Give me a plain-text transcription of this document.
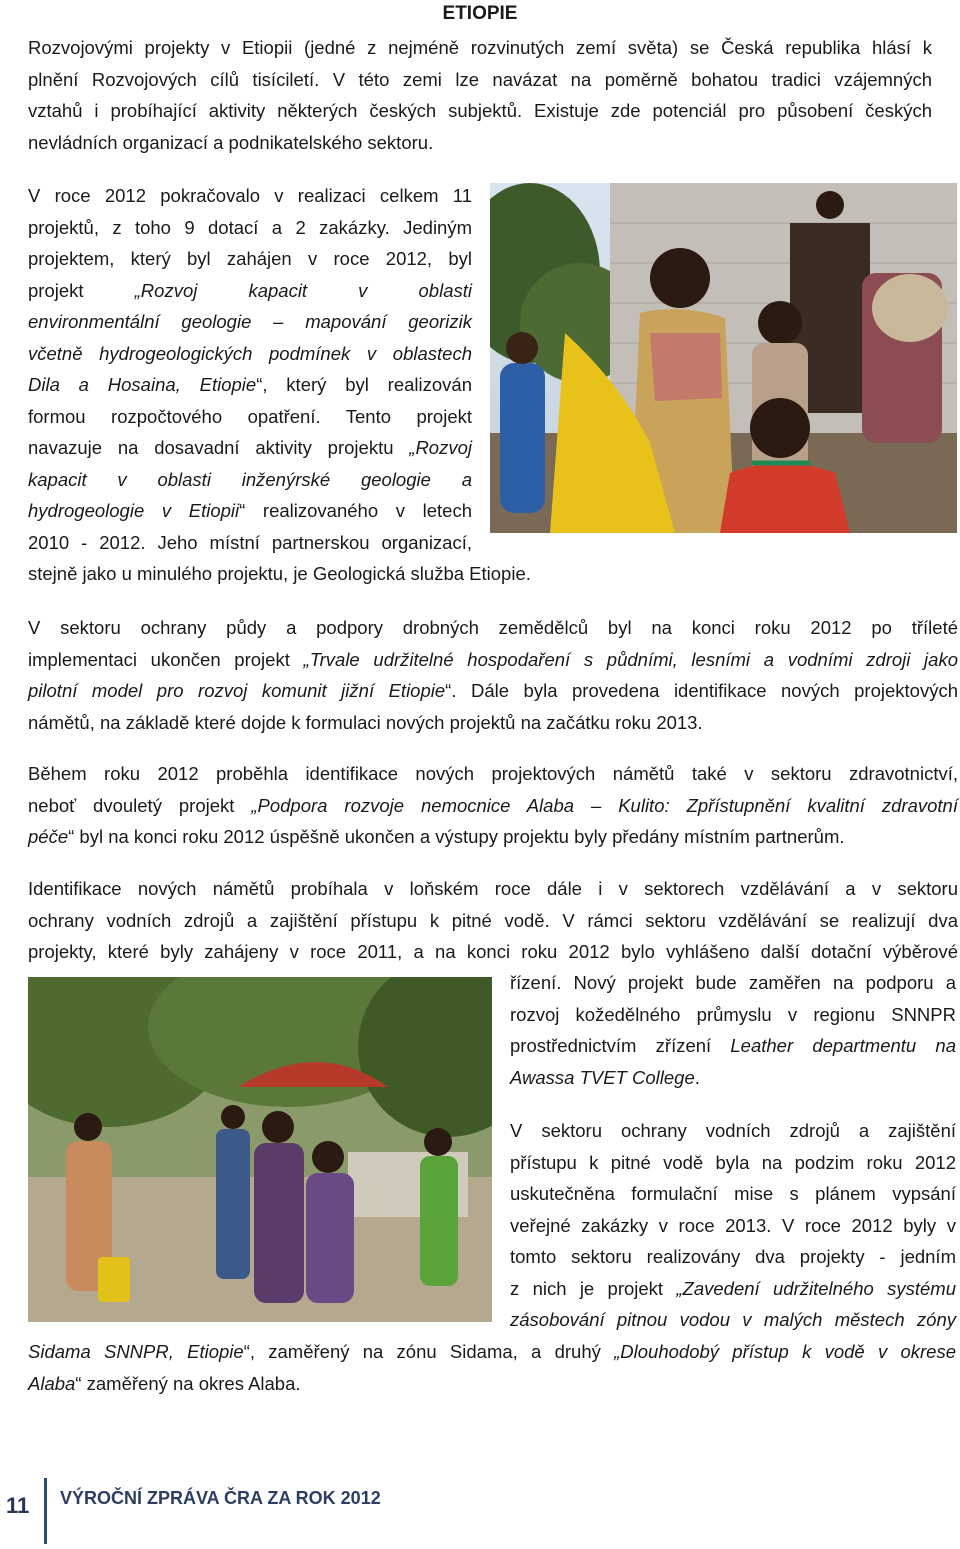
ETIOPIE
Rozvojovými projekty v Etiopii (jedné z nejméně rozvinutých zemí světa) se Česká republika hlásí k
plnění Rozvojových cílů tisíciletí. V této zemi lze navázat na poměrně bohatou tradici vzájemných
vztahů i probíhající aktivity některých českých subjektů. Existuje zde potenciál pro působení českých
nevládních organizací a podnikatelského sektoru.
V roce 2012 pokračovalo v realizaci celkem 11
projektů, z toho 9 dotací a 2 zakázky. Jediným
projektem, který byl zahájen v roce 2012, byl
projekt „Rozvoj kapacit v oblasti
environmentální geologie – mapování georizik
včetně hydrogeologických podmínek v oblastech
Dila a Hosaina, Etiopie“, který byl realizován
formou rozpočtového opatření. Tento projekt
navazuje na dosavadní aktivity projektu „Rozvoj
kapacit v oblasti inženýrské geologie a
hydrogeologie v Etiopii“ realizovaného v letech
2010 - 2012. Jeho místní partnerskou organizací,
stejně jako u minulého projektu, je Geologická služba Etiopie.
V sektoru ochrany půdy a podpory drobných zemědělců byl na konci roku 2012 po tříleté
implementaci ukončen projekt „Trvale udržitelné hospodaření s půdními, lesními a vodními zdroji jako
pilotní model pro rozvoj komunit jižní Etiopie“. Dále byla provedena identifikace nových projektových
námětů, na základě které dojde k formulaci nových projektů na začátku roku 2013.
Během roku 2012 proběhla identifikace nových projektových námětů také v sektoru zdravotnictví,
neboť dvouletý projekt „Podpora rozvoje nemocnice Alaba – Kulito: Zpřístupnění kvalitní zdravotní
péče“ byl na konci roku 2012 úspěšně ukončen a výstupy projektu byly předány místním partnerům.
Identifikace nových námětů probíhala v loňském roce dále i v sektorech vzdělávání a v sektoru
ochrany vodních zdrojů a zajištění přístupu k pitné vodě. V rámci sektoru vzdělávání se realizují dva
projekty, které byly zahájeny v roce 2011, a na konci roku 2012 bylo vyhlášeno další dotační výběrové
řízení. Nový projekt bude zaměřen na podporu a
rozvoj kožedělného průmyslu v regionu SNNPR
prostřednictvím zřízení Leather departmentu na
Awassa TVET College.
V sektoru ochrany vodních zdrojů a zajištění
přístupu k pitné vodě byla na podzim roku 2012
uskutečněna formulační mise s plánem vypsání
veřejné zakázky v roce 2013. V roce 2012 byly v
tomto sektoru realizovány dva projekty - jedním
z nich je projekt „Zavedení udržitelného systému
zásobování pitnou vodou v malých městech zóny
Sidama SNNPR, Etiopie“, zaměřený na zónu Sidama, a druhý „Dlouhodobý přístup k vodě v okrese
Alaba“ zaměřený na okres Alaba.
11 VÝROČNÍ ZPRÁVA ČRA ZA ROK 2012
